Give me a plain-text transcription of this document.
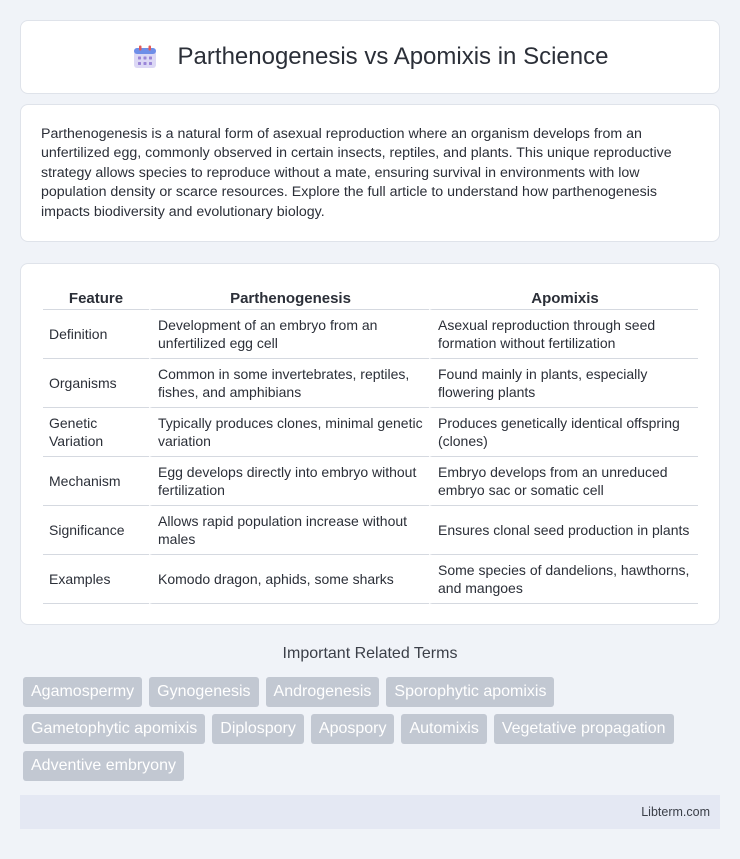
Parthenogenesis vs Apomixis in Science

Parthenogenesis is a natural form of asexual reproduction where an organism develops from an unfertilized egg, commonly observed in certain insects, reptiles, and plants. This unique reproductive strategy allows species to reproduce without a mate, ensuring survival in environments with low population density or scarce resources. Explore the full article to understand how parthenogenesis impacts biodiversity and evolutionary biology.

Feature	Parthenogenesis	Apomixis
Definition	Development of an embryo from an unfertilized egg cell	Asexual reproduction through seed formation without fertilization
Organisms	Common in some invertebrates, reptiles, fishes, and amphibians	Found mainly in plants, especially flowering plants
Genetic Variation	Typically produces clones, minimal genetic variation	Produces genetically identical offspring (clones)
Mechanism	Egg develops directly into embryo without fertilization	Embryo develops from an unreduced embryo sac or somatic cell
Significance	Allows rapid population increase without males	Ensures clonal seed production in plants
Examples	Komodo dragon, aphids, some sharks	Some species of dandelions, hawthorns, and mangoes
Important Related Terms
Agamospermy	Gynogenesis	Androgenesis	Sporophytic apomixis
Gametophytic apomixis	Diplospory	Apospory	Automixis	Vegetative propagation
Adventive embryony
Libterm.com
